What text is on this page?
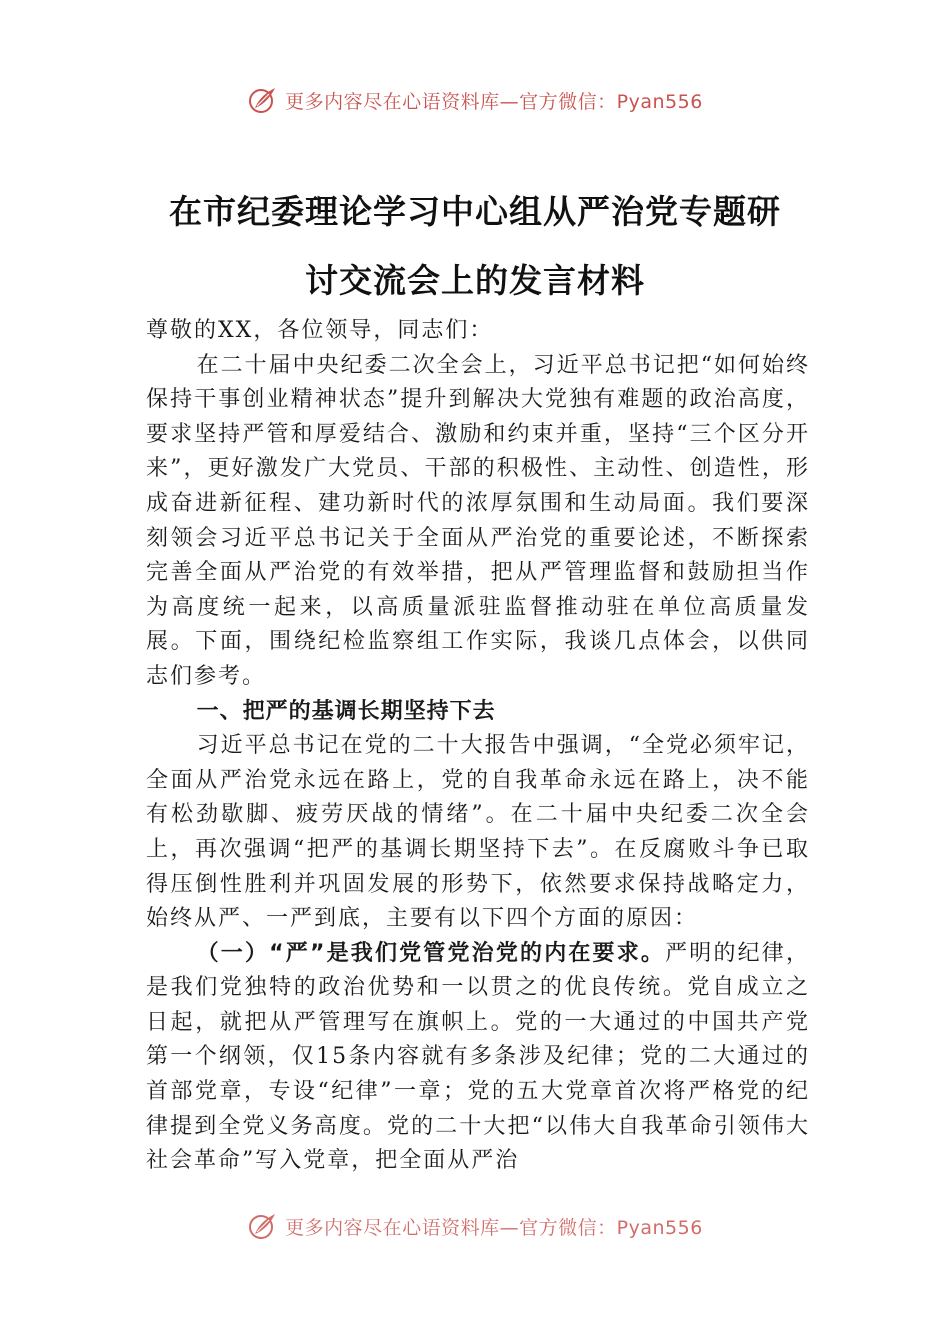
更多内容尽在心语资料库—官方微信：Pyan556
在市纪委理论学习中心组从严治党专题研
讨交流会上的发言材料

尊敬的XX，各位领导，同志们：

在二十届中央纪委二次全会上，习近平总书记把“如何始终保持干事创业精神状态”提升到解决大党独有难题的政治高度，要求坚持严管和厚爱结合、激励和约束并重，坚持“三个区分开来”，更好激发广大党员、干部的积极性、主动性、创造性，形成奋进新征程、建功新时代的浓厚氛围和生动局面。我们要深刻领会习近平总书记关于全面从严治党的重要论述，不断探索完善全面从严治党的有效举措，把从严管理监督和鼓励担当作为高度统一起来，以高质量派驻监督推动驻在单位高质量发展。下面，围绕纪检监察组工作实际，我谈几点体会，以供同志们参考。

一、把严的基调长期坚持下去

习近平总书记在党的二十大报告中强调，“全党必须牢记，全面从严治党永远在路上，党的自我革命永远在路上，决不能有松劲歇脚、疲劳厌战的情绪”。在二十届中央纪委二次全会上，再次强调“把严的基调长期坚持下去”。在反腐败斗争已取得压倒性胜利并巩固发展的形势下，依然要求保持战略定力，始终从严、一严到底，主要有以下四个方面的原因：

（一）“严”是我们党管党治党的内在要求。严明的纪律，是我们党独特的政治优势和一以贯之的优良传统。党自成立之日起，就把从严管理写在旗帜上。党的一大通过的中国共产党第一个纲领，仅15条内容就有多条涉及纪律；党的二大通过的首部党章，专设“纪律”一章；党的五大党章首次将严格党的纪律提到全党义务高度。党的二十大把“以伟大自我革命引领伟大社会革命”写入党章，把全面从严治

更多内容尽在心语资料库—官方微信：Pyan556
